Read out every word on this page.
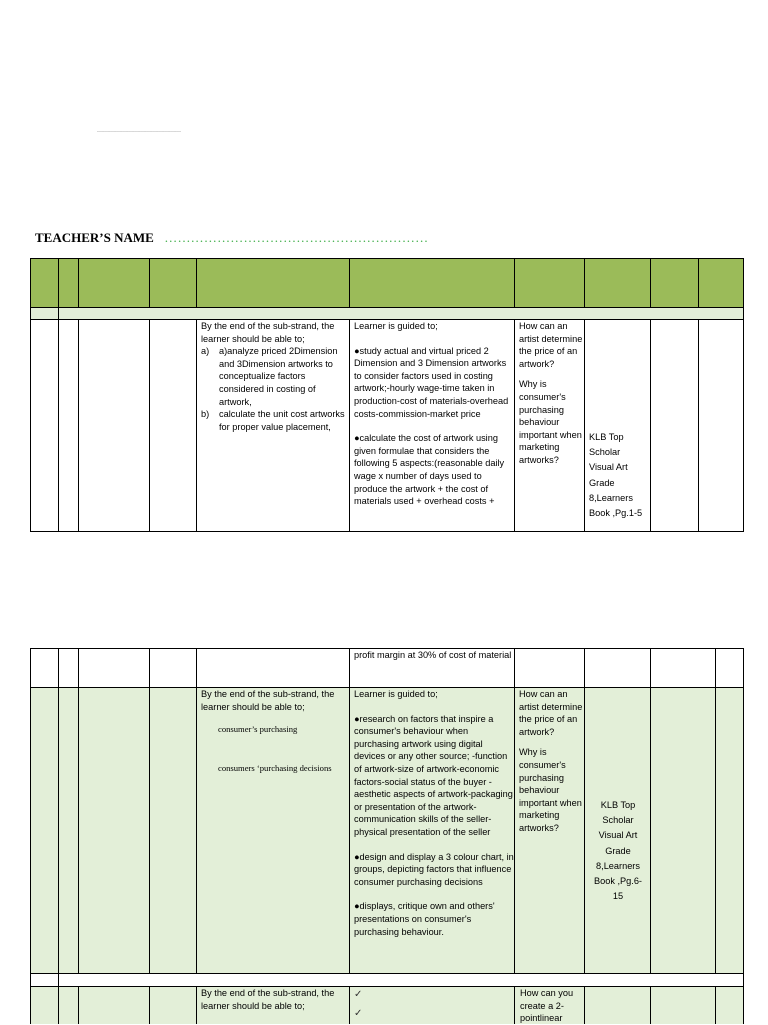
……………………………………
TEACHER’S NAME ……………………………………………………

By the end of the sub-strand, the learner should be able to;

a)	a)analyze priced 2Dimension and 3Dimension artworks to conceptualize factors considered in costing of artwork,
b)	calculate the unit cost artworks for proper value placement,

Learner is guided to;

●study actual and virtual priced 2 Dimension and 3 Dimension artworks to consider factors used in costing artwork;-hourly wage-time taken in production-cost of materials-overhead costs-commission-market price

●calculate the cost of artwork using given formulae that considers the following 5 aspects:(reasonable daily wage x number of days used to produce the artwork + the cost of materials used + overhead costs +

How can an artist determine the price of an artwork?

Why is consumer's purchasing behaviour important when marketing artworks?

KLB Top Scholar Visual Art Grade 8,Learners Book ,Pg.1-5

profit margin at 30% of cost of material

By the end of the sub-strand, the learner should be able to;

consumer’s purchasing

consumers ‘purchasing decisions

Learner is guided to;

●research on factors that inspire a consumer's behaviour when purchasing artwork using digital devices or any other source; -function of artwork-size of artwork-economic factors-social status of the buyer -aesthetic aspects of artwork-packaging or presentation of the artwork-communication skills of the seller-physical presentation of the seller

●design and display a 3 colour chart, in groups, depicting factors that influence consumer purchasing decisions

●displays, critique own and others' presentations on consumer's purchasing behaviour.

How can an artist determine the price of an artwork?

Why is consumer's purchasing behaviour important when marketing artworks?

KLB Top Scholar Visual Art Grade 8,Learners Book ,Pg.6-15

By the end of the sub-strand, the learner should be able to;

✓

✓

How can you create a 2-pointlinear
